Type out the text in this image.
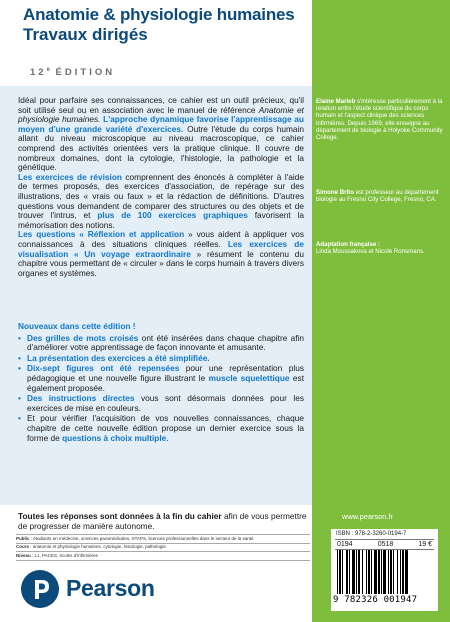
Anatomie & physiologie humaines
Travaux dirigés
12e ÉDITION

Idéal pour parfaire ses connaissances, ce cahier est un outil précieux, qu'il soit utilisé seul ou en association avec le manuel de référence Anatomie et physiologie humaines. L'approche dynamique favorise l'apprentissage au moyen d'une grande variété d'exercices. Outre l'étude du corps humain allant du niveau microscopique au niveau macroscopique, ce cahier comprend des activités orientées vers la pratique clinique. Il couvre de nombreux domaines, dont la cytologie, l'histologie, la pathologie et la génétique.

Les exercices de révision comprennent des énoncés à compléter à l'aide de termes proposés, des exercices d'association, de repérage sur des illustrations, des « vrais ou faux » et la rédaction de définitions. D'autres questions vous demandent de comparer des structures ou des objets et de trouver l'intrus, et plus de 100 exercices graphiques favorisent la mémorisation des notions.

Les questions « Réflexion et application » vous aident à appliquer vos connaissances à des situations cliniques réelles. Les exercices de visualisation « Un voyage extraordinaire » résument le contenu du chapitre vous permettant de « circuler » dans le corps humain à travers divers organes et systèmes.

Nouveaux dans cette édition !
• Des grilles de mots croisés ont été insérées dans chaque chapitre afin d'améliorer votre apprentissage de façon innovante et amusante.
• La présentation des exercices a été simplifiée.
• Dix-sept figures ont été repensées pour une représentation plus pédagogique et une nouvelle figure illustrant le muscle squelettique est également proposée.
• Des instructions directes vous sont désormais données pour les exercices de mise en couleurs.
• Et pour vérifier l'acquisition de vos nouvelles connaissances, chaque chapitre de cette nouvelle édition propose un dernier exercice sous la forme de questions à choix multiple.
Toutes les réponses sont données à la fin du cahier afin de vous permettre de progresser de manière autonome.
Public : étudiants en médecine, sciences paramédicales, STAPS, licences professionnelles dans le secteur de la santé
Cours : anatomie et physiologie humaines, cytologie, histologie, pathologie
Niveau : L1, PACES, écoles d'infirmières
Pearson
Elaine Marieb s'intéresse particulièrement à la relation entre l'étude scientifique du corps humain et l'aspect clinique des sciences infirmières. Depuis 1969, elle enseigne au département de biologie à Holyoke Community College.
Simone Brito est professeur au département biologie au Fresno City College, Fresno, CA.
Adaptation française :
Linda Moussakova et Nicole Ronsmans.
www.pearson.fr
ISBN : 978-2-3260-0194-7
0194	0518	19 €
9 782326 001947
